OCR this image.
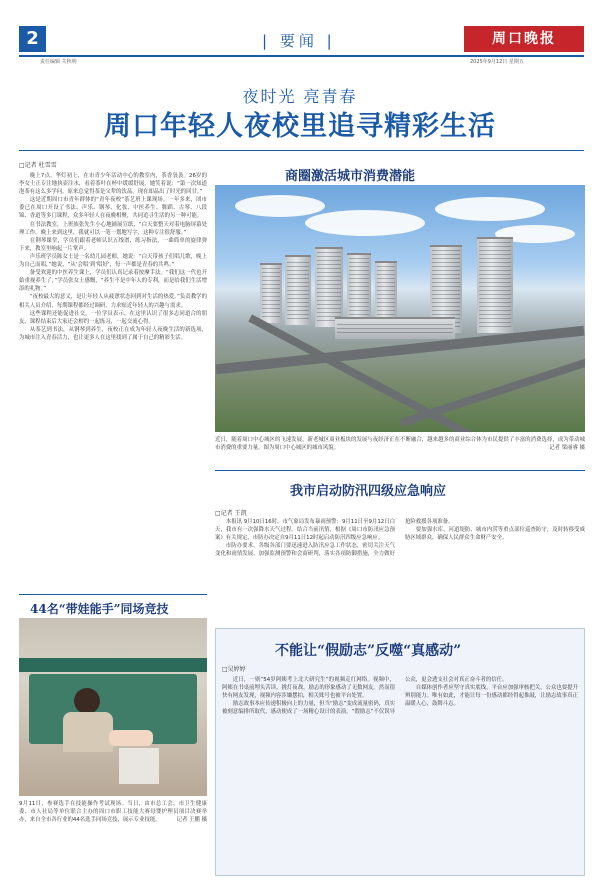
2	| 要闻 |	周口晚报
责任编辑 关秋明	2025年9月12日 星期五
夜时光 亮青春
周口年轻人夜校里追寻精彩生活
□记者 杜雪雪

晚上7点，华灯初上，在市青少年活动中心的教室内，茶香袅袅。26岁的李女士正专注地执壶注水，看着茶叶在杯中缓缓舒展，她笑着说：“第一次知道泡茶有这么多学问，原来总觉得茶是父辈的饮品，现在却品出了时光的回甘。”

这是近期周口市青年群体的“青年夜校”茶艺班上课现场。一年多来，团市委已在周口开设了书法、声乐、钢琴、化妆、中医养生、舞蹈、古琴、八段锦、香道等多门课程，众多年轻人在夜晚相聚，共同追寻生活的另一种可能。

在书法教室，上班族张先生小心地铺展宣纸，“白天要整天对着电脑屏幕处理工作，晚上来到这里，我就可以一笔一划地写字，这种专注很舒服。”

在钢琴课堂，学员们跟着老师认识五线谱、练习指法，一曲简单的旋律弹下来，教室里响起一片掌声。

声乐班学员陈女士是一名幼儿园老师，她说：“白天带孩子们唱儿歌，晚上为自己而唱，”她说，“从‘会唱’到‘唱好’，每一声都是青春的共鸣。”

备受欢迎的中医养生课上，学员们认真记录着按摩手法。“我们这一代也开始重视养生了，”学员张女士感慨，“养生不是中年人的专利，而是给我们生活增添的礼物。”

“夜校最大的意义，是让年轻人从疲惫状态回到对生活的热爱。”负责教学的相关人员介绍，每期课程都经过调研，力求贴近年轻人的兴趣与需求。

这些课程还能促进社交。一位学员表示，在这里认识了很多志同道合的朋友，课程结束后大家还会相约一起练习，一起交流心得。

从茶艺到书法，从钢琴到养生，夜校正在成为年轻人夜晚生活的新选项，为城市注入青春活力，也让更多人在这里找到了属于自己的精彩生活。

商圈激活城市消费潜能
近日，随着周口中心城区的飞速发展，新老城区商业板块的发展与夜经济正在不断融合，越来越多的商业综合体为市民提供了丰富的消费选择，成为带动城市消费的重要力量。图为周口中心城区的城市风貌。	记者 梁丽睿 摄
我市启动防汛四级应急响应
□记者 王凯

本报讯 9月10日16时，市气象局发布暴雨预警：9月11日至9月12日白天，我市有一次强降水天气过程。结合当前汛情，根据《周口市防汛应急预案》有关规定，市防办决定自9月11日12时起启动防汛四级应急响应。

市防办要求，各级各部门要迅速进入防汛应急工作状态，密切关注天气变化和雨情发展，加强监测预警和会商研判，落实各项防御措施，全力做好抢险救援各项准备。

要加强水库、河道堤防、城市内涝等重点部位巡查防守，及时转移受威胁区域群众，确保人民群众生命财产安全。

44名“带娃能手”同场竞技
9月11日，参赛选手在技能操作考试现场。当日，由市总工会、市卫生健康委、市人社局等单位联合主办的周口市职工技能大赛母婴护理员项目决赛举办，来自全市各行业的44名选手同场竞技，展示专业技能。	记者 王鹏 摄
不能让“假励志”反噬“真感动”
□吴婷婷

近日，一则“54岁阿姨考上北大研究生”的视频走红网络。视频中，阿姨在书桌前埋头苦读、挑灯夜战，励志的形象感动了无数网友。然而很快有网友发现，视频内容涉嫌摆拍，相关账号也被平台处置。

励志故事本应传递积极向上的力量，但当“励志”变成流量密码，真实被刻意编排所取代，感动便成了一场精心设计的表演。“假励志”不仅误导公众，更会透支社会对真正奋斗者的信任。

自媒体创作者应坚守真实底线，平台应加强审核把关，公众也要提升辨别能力。唯有如此，才能让每一份感动都经得起推敲，让励志故事真正温暖人心、鼓舞斗志。
